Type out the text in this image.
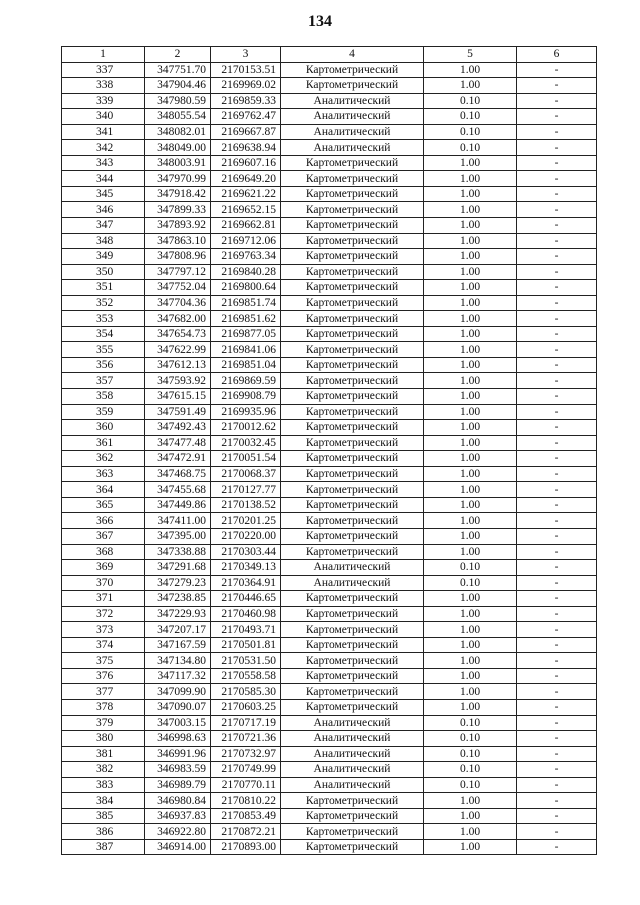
134
1	2	3	4	5	6
337	347751.70	2170153.51	Картометрический	1.00	-
338	347904.46	2169969.02	Картометрический	1.00	-
339	347980.59	2169859.33	Аналитический	0.10	-
340	348055.54	2169762.47	Аналитический	0.10	-
341	348082.01	2169667.87	Аналитический	0.10	-
342	348049.00	2169638.94	Аналитический	0.10	-
343	348003.91	2169607.16	Картометрический	1.00	-
344	347970.99	2169649.20	Картометрический	1.00	-
345	347918.42	2169621.22	Картометрический	1.00	-
346	347899.33	2169652.15	Картометрический	1.00	-
347	347893.92	2169662.81	Картометрический	1.00	-
348	347863.10	2169712.06	Картометрический	1.00	-
349	347808.96	2169763.34	Картометрический	1.00	-
350	347797.12	2169840.28	Картометрический	1.00	-
351	347752.04	2169800.64	Картометрический	1.00	-
352	347704.36	2169851.74	Картометрический	1.00	-
353	347682.00	2169851.62	Картометрический	1.00	-
354	347654.73	2169877.05	Картометрический	1.00	-
355	347622.99	2169841.06	Картометрический	1.00	-
356	347612.13	2169851.04	Картометрический	1.00	-
357	347593.92	2169869.59	Картометрический	1.00	-
358	347615.15	2169908.79	Картометрический	1.00	-
359	347591.49	2169935.96	Картометрический	1.00	-
360	347492.43	2170012.62	Картометрический	1.00	-
361	347477.48	2170032.45	Картометрический	1.00	-
362	347472.91	2170051.54	Картометрический	1.00	-
363	347468.75	2170068.37	Картометрический	1.00	-
364	347455.68	2170127.77	Картометрический	1.00	-
365	347449.86	2170138.52	Картометрический	1.00	-
366	347411.00	2170201.25	Картометрический	1.00	-
367	347395.00	2170220.00	Картометрический	1.00	-
368	347338.88	2170303.44	Картометрический	1.00	-
369	347291.68	2170349.13	Аналитический	0.10	-
370	347279.23	2170364.91	Аналитический	0.10	-
371	347238.85	2170446.65	Картометрический	1.00	-
372	347229.93	2170460.98	Картометрический	1.00	-
373	347207.17	2170493.71	Картометрический	1.00	-
374	347167.59	2170501.81	Картометрический	1.00	-
375	347134.80	2170531.50	Картометрический	1.00	-
376	347117.32	2170558.58	Картометрический	1.00	-
377	347099.90	2170585.30	Картометрический	1.00	-
378	347090.07	2170603.25	Картометрический	1.00	-
379	347003.15	2170717.19	Аналитический	0.10	-
380	346998.63	2170721.36	Аналитический	0.10	-
381	346991.96	2170732.97	Аналитический	0.10	-
382	346983.59	2170749.99	Аналитический	0.10	-
383	346989.79	2170770.11	Аналитический	0.10	-
384	346980.84	2170810.22	Картометрический	1.00	-
385	346937.83	2170853.49	Картометрический	1.00	-
386	346922.80	2170872.21	Картометрический	1.00	-
387	346914.00	2170893.00	Картометрический	1.00	-
